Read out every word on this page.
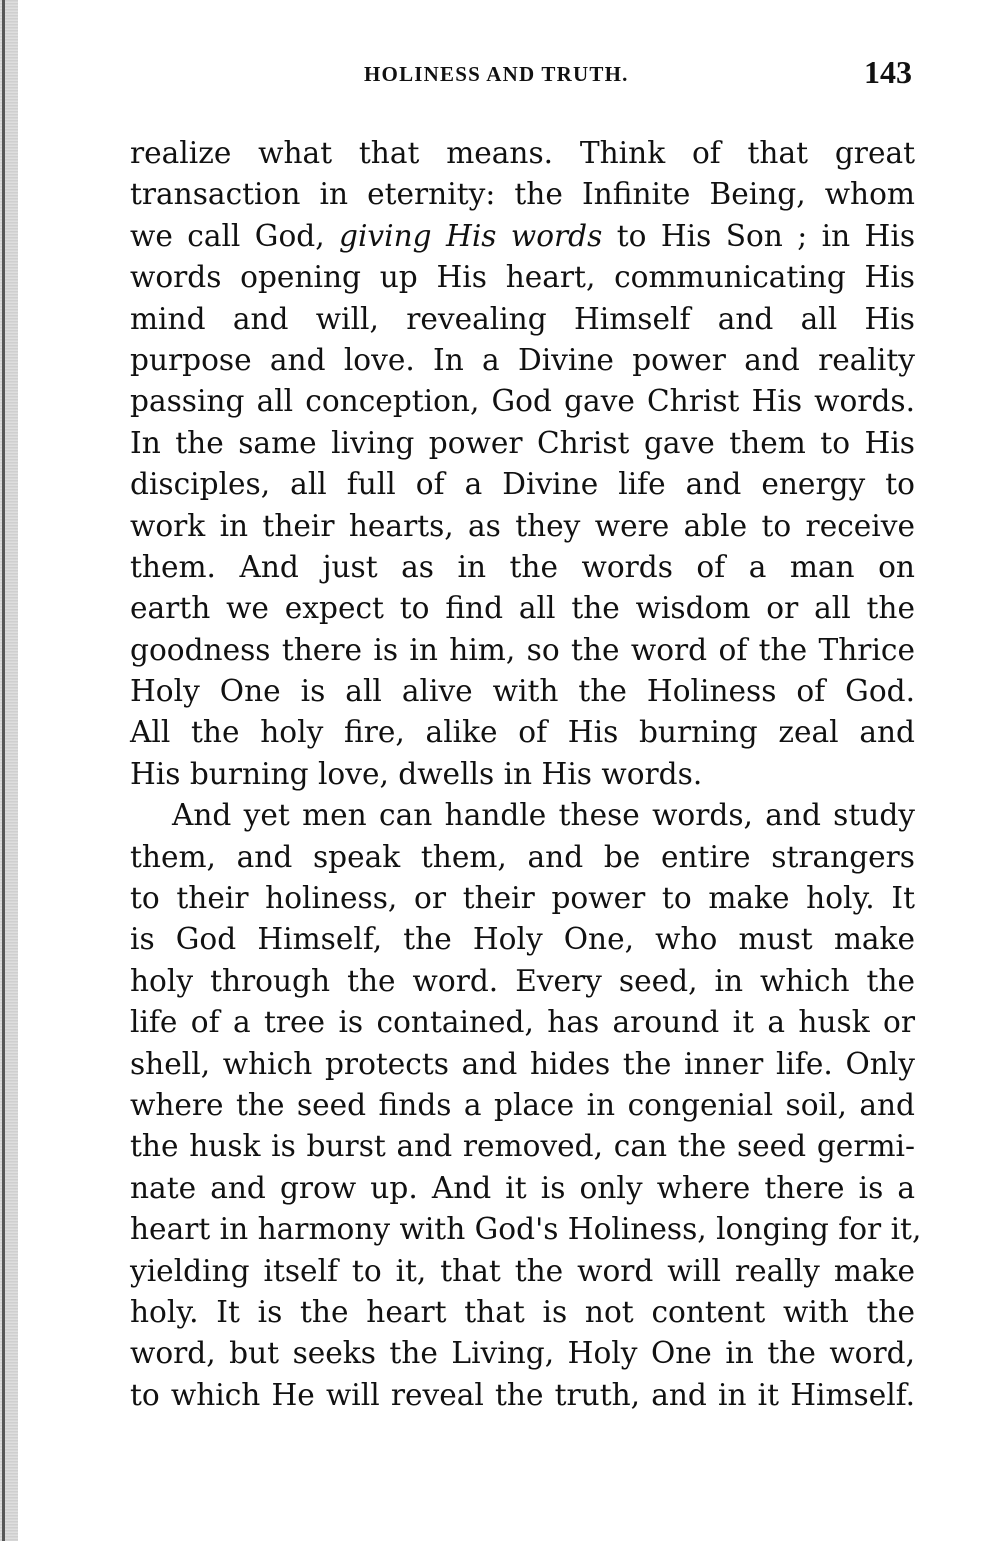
HOLINESS AND TRUTH.	143
realize what that means. Think of that great
transaction in eternity: the Infinite Being, whom
we call God, giving His words to His Son ; in His
words opening up His heart, communicating His
mind and will, revealing Himself and all His
purpose and love. In a Divine power and reality
passing all conception, God gave Christ His words.
In the same living power Christ gave them to His
disciples, all full of a Divine life and energy to
work in their hearts, as they were able to receive
them. And just as in the words of a man on
earth we expect to find all the wisdom or all the
goodness there is in him, so the word of the Thrice
Holy One is all alive with the Holiness of God.
All the holy fire, alike of His burning zeal and
His burning love, dwells in His words.
And yet men can handle these words, and study
them, and speak them, and be entire strangers
to their holiness, or their power to make holy. It
is God Himself, the Holy One, who must make
holy through the word. Every seed, in which the
life of a tree is contained, has around it a husk or
shell, which protects and hides the inner life. Only
where the seed finds a place in congenial soil, and
the husk is burst and removed, can the seed germi-
nate and grow up. And it is only where there is a
heart in harmony with God's Holiness, longing for it,
yielding itself to it, that the word will really make
holy. It is the heart that is not content with the
word, but seeks the Living, Holy One in the word,
to which He will reveal the truth, and in it Himself.
